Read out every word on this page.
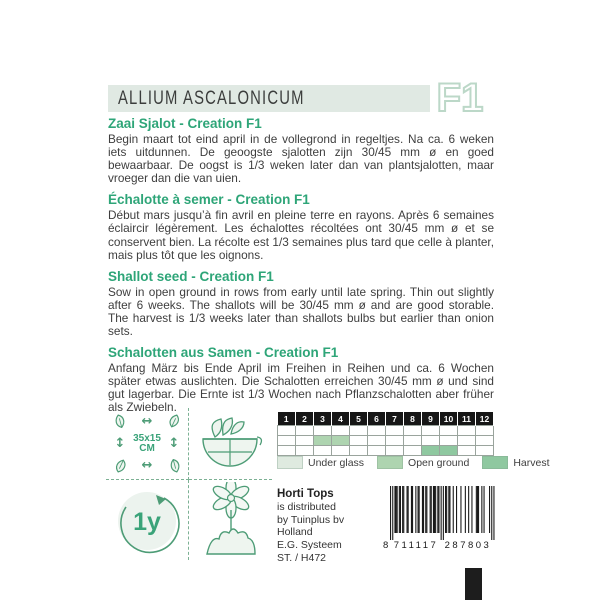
ALLIUM ASCALONICUM	F1
Zaai Sjalot - Creation F1

Begin maart tot eind april in de vollegrond in regeltjes. Na ca. 6 weken iets uitdunnen. De geoogste sjalotten zijn 30/45 mm ø en goed bewaarbaar. De oogst is 1/3 weken later dan van plantsjalotten, maar vroeger dan die van uien.

Échalotte à semer - Creation F1

Début mars jusqu’à fin avril en pleine terre en rayons. Après 6 semaines éclaircir légèrement. Les échalottes récoltées ont 30/45 mm ø et se conservent bien. La récolte est 1/3 semaines plus tard que celle à planter, mais plus tôt que les oignons.

Shallot seed - Creation F1

Sow in open ground in rows from early until late spring. Thin out slightly after 6 weeks. The shallots will be 30/45 mm ø and are good storable. The harvest is 1/3 weeks later than shallots bulbs but earlier than onion sets.

Schalotten aus Samen - Creation F1

Anfang März bis Ende April im Freihen in Reihen und ca. 6 Wochen später etwas auslichten. Die Schalotten erreichen 30/45 mm ø und sind gut lagerbar. Die Ernte ist 1/3 Wochen nach Pflanzschalotten aber früher als Zwiebeln.

↔
↕ 35x15
CM	↕
↔
1y
1	2	3	4	5	6	7	8	9	10	11	12

Under glass	Open ground	Harvest
Horti Tops
is distributed
by Tuinplus bv
Holland
E.G. Systeem
ST. / H472
8 711117 287803
